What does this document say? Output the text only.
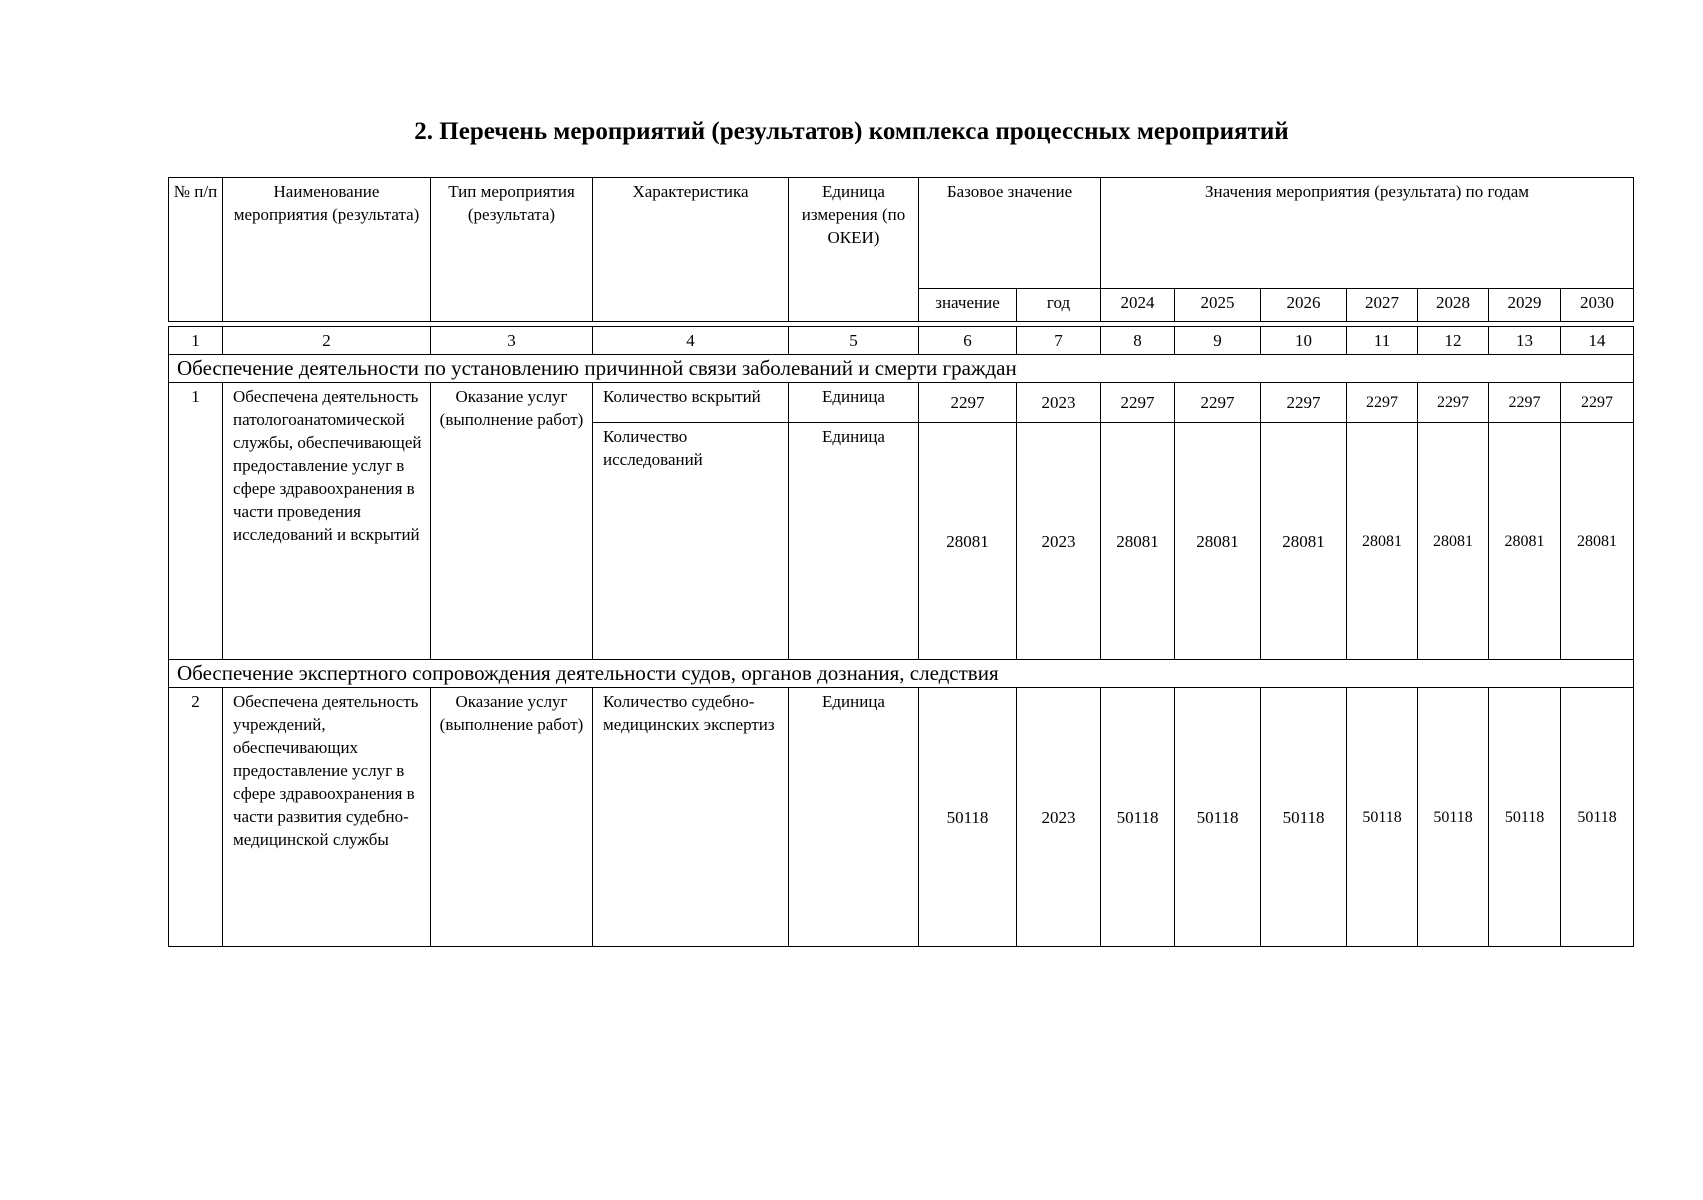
2. Перечень мероприятий (результатов) комплекса процессных мероприятий
№ п/п	Наименование мероприятия (результата)	Тип мероприятия (результата)	Характеристика	Единица измерения (по ОКЕИ)	Базовое значение		Значения мероприятия (результата) по годам						
					значение	год	2024	2025	2026	2027	2028	2029	2030

1	2	3	4	5	6	7	8	9	10	11	12	13	14
Обеспечение деятельности по установлению причинной связи заболеваний и смерти граждан													
1	Обеспечена деятельность патологоанатомической службы, обеспечивающей предоставление услуг в сфере здравоохранения в части проведения исследований и вскрытий	Оказание услуг (выполнение работ)	Количество вскрытий	Единица	2297	2023	2297	2297	2297	2297	2297	2297	2297
			Количество исследований	Единица	28081	2023	28081	28081	28081	28081	28081	28081	28081
Обеспечение экспертного сопровождения деятельности судов, органов дознания, следствия													
2	Обеспечена деятельность учреждений, обеспечивающих предоставление услуг в сфере здравоохранения в части развития судебно-медицинской службы	Оказание услуг (выполнение работ)	Количество судебно-медицинских экспертиз	Единица	50118	2023	50118	50118	50118	50118	50118	50118	50118
